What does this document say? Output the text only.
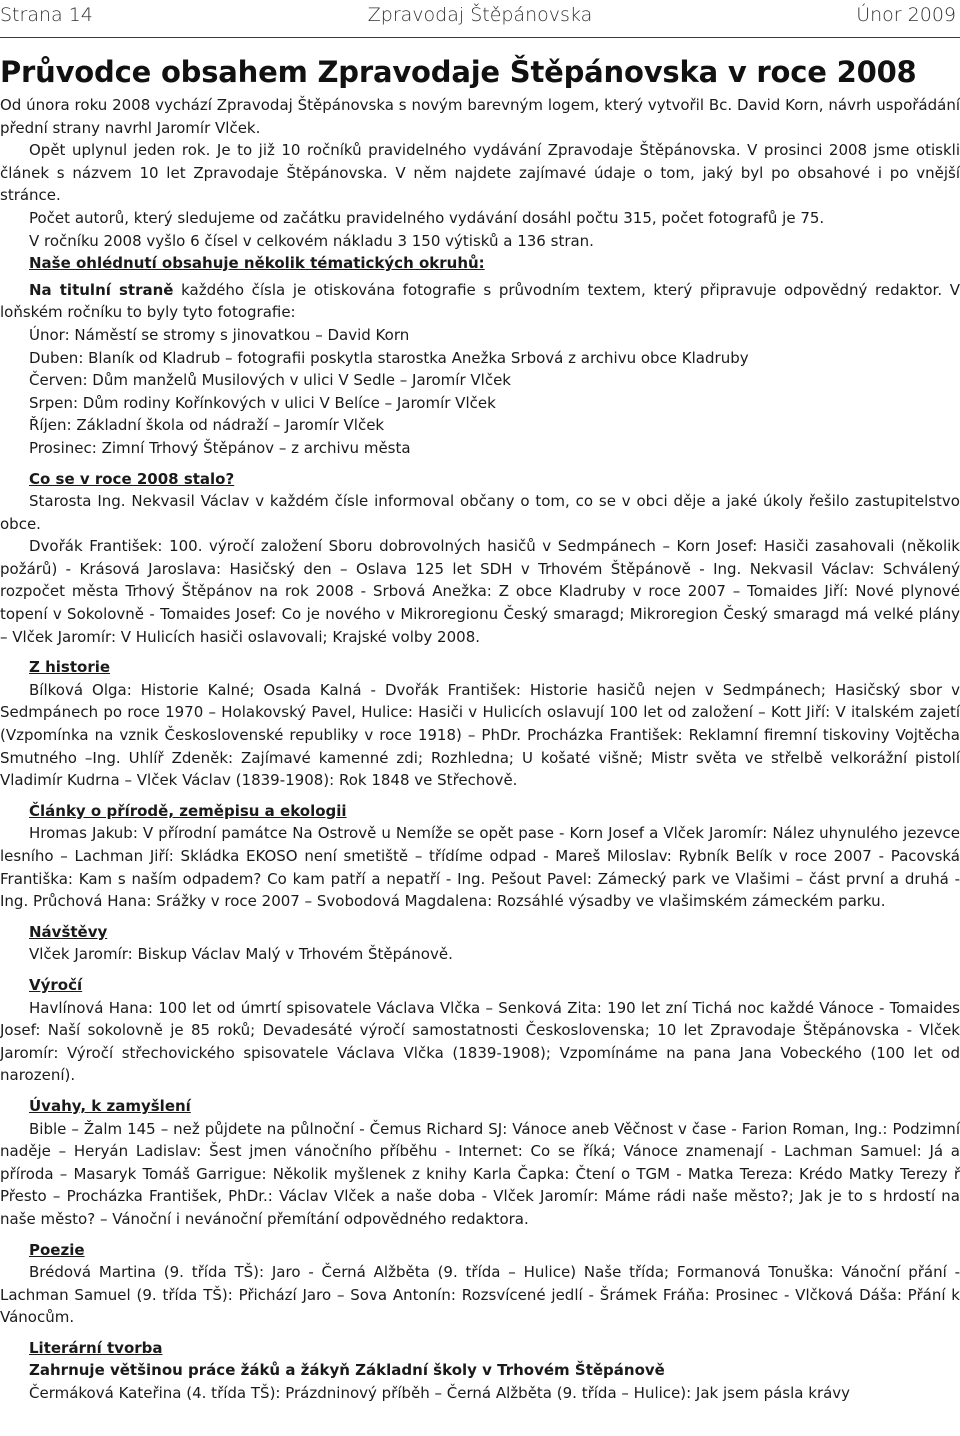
Strana 14	Zpravodaj Štěpánovska	Únor 2009
Průvodce obsahem Zpravodaje Štěpánovska v roce 2008

Od února roku 2008 vychází Zpravodaj Štěpánovska s novým barevným logem, který vytvořil Bc. David Korn, návrh uspořádání přední strany navrhl Jaromír Vlček.

Opět uplynul jeden rok. Je to již 10 ročníků pravidelného vydávání Zpravodaje Štěpánovska. V prosinci 2008 jsme otiskli článek s názvem 10 let Zpravodaje Štěpánovska. V něm najdete zajímavé údaje o tom, jaký byl po obsahové i po vnější stránce.

Počet autorů, který sledujeme od začátku pravidelného vydávání dosáhl počtu 315, počet fotografů je 75.

V ročníku 2008 vyšlo 6 čísel v celkovém nákladu 3 150 výtisků a 136 stran.

Naše ohlédnutí obsahuje několik tématických okruhů:

Na titulní straně každého čísla je otiskována fotografie s průvodním textem, který připravuje odpovědný redaktor. V loňském ročníku to byly tyto fotografie:

Únor: Náměstí se stromy s jinovatkou – David Korn

Duben: Blaník od Kladrub – fotografii poskytla starostka Anežka Srbová z archivu obce Kladruby

Červen: Dům manželů Musilových v ulici V Sedle – Jaromír Vlček

Srpen: Dům rodiny Kořínkových v ulici V Belíce – Jaromír Vlček

Říjen: Základní škola od nádraží – Jaromír Vlček

Prosinec: Zimní Trhový Štěpánov – z archivu města

Co se v roce 2008 stalo?

Starosta Ing. Nekvasil Václav v každém čísle informoval občany o tom, co se v obci děje a jaké úkoly řešilo zastupitelstvo obce.

Dvořák František: 100. výročí založení Sboru dobrovolných hasičů v Sedmpánech – Korn Josef: Hasiči zasahovali (několik požárů) - Krásová Jaroslava: Hasičský den – Oslava 125 let SDH v Trhovém Štěpánově - Ing. Nekvasil Václav: Schválený rozpočet města Trhový Štěpánov na rok 2008 - Srbová Anežka: Z obce Kladruby v roce 2007 – Tomaides Jiří: Nové plynové topení v Sokolovně - Tomaides Josef: Co je nového v Mikroregionu Český smaragd; Mikroregion Český smaragd má velké plány – Vlček Jaromír: V Hulicích hasiči oslavovali; Krajské volby 2008.

Z historie

Bílková Olga: Historie Kalné; Osada Kalná - Dvořák František: Historie hasičů nejen v Sedmpánech; Hasičský sbor v Sedmpánech po roce 1970 – Holakovský Pavel, Hulice: Hasiči v Hulicích oslavují 100 let od založení – Kott Jiří: V italském zajetí (Vzpomínka na vznik Československé republiky v roce 1918) – PhDr. Procházka František: Reklamní firemní tiskoviny Vojtěcha Smutného –Ing. Uhlíř Zdeněk: Zajímavé kamenné zdi; Rozhledna; U košaté višně; Mistr světa ve střelbě velkorážní pistolí Vladimír Kudrna – Vlček Václav (1839-1908): Rok 1848 ve Střechově.

Články o přírodě, zeměpisu a ekologii

Hromas Jakub: V přírodní památce Na Ostrově u Nemíže se opět pase - Korn Josef a Vlček Jaromír: Nález uhynulého jezevce lesního – Lachman Jiří: Skládka EKOSO není smetiště – třídíme odpad - Mareš Miloslav: Rybník Belík v roce 2007 - Pacovská Františka: Kam s naším odpadem? Co kam patří a nepatří - Ing. Pešout Pavel: Zámecký park ve Vlašimi – část první a druhá - Ing. Průchová Hana: Srážky v roce 2007 – Svobodová Magdalena: Rozsáhlé výsadby ve vlašimském zámeckém parku.

Návštěvy

Vlček Jaromír: Biskup Václav Malý v Trhovém Štěpánově.

Výročí

Havlínová Hana: 100 let od úmrtí spisovatele Václava Vlčka – Senková Zita: 190 let zní Tichá noc každé Vánoce - Tomaides Josef: Naší sokolovně je 85 roků; Devadesáté výročí samostatnosti Československa; 10 let Zpravodaje Štěpánovska - Vlček Jaromír: Výročí střechovického spisovatele Václava Vlčka (1839-1908); Vzpomínáme na pana Jana Vobeckého (100 let od narození).

Úvahy, k zamyšlení

Bible – Žalm 145 – než půjdete na půlnoční - Čemus Richard SJ: Vánoce aneb Věčnost v čase - Farion Roman, Ing.: Podzimní naděje – Heryán Ladislav: Šest jmen vánočního příběhu - Internet: Co se říká; Vánoce znamenají - Lachman Samuel: Já a příroda – Masaryk Tomáš Garrigue: Několik myšlenek z knihy Karla Čapka: Čtení o TGM - Matka Tereza: Krédo Matky Terezy ř Přesto – Procházka František, PhDr.: Václav Vlček a naše doba - Vlček Jaromír: Máme rádi naše město?; Jak je to s hrdostí na naše město? – Vánoční i nevánoční přemítání odpovědného redaktora.

Poezie

Brédová Martina (9. třída TŠ): Jaro - Černá Alžběta (9. třída – Hulice) Naše třída; Formanová Tonuška: Vánoční přání - Lachman Samuel (9. třída TŠ): Přichází Jaro – Sova Antonín: Rozsvícené jedlí - Šrámek Fráňa: Prosinec - Vlčková Dáša: Přání k Vánocům.

Literární tvorba

Zahrnuje většinou práce žáků a žákyň Základní školy v Trhovém Štěpánově

Čermáková Kateřina (4. třída TŠ): Prázdninový příběh – Černá Alžběta (9. třída – Hulice): Jak jsem pásla krávy
